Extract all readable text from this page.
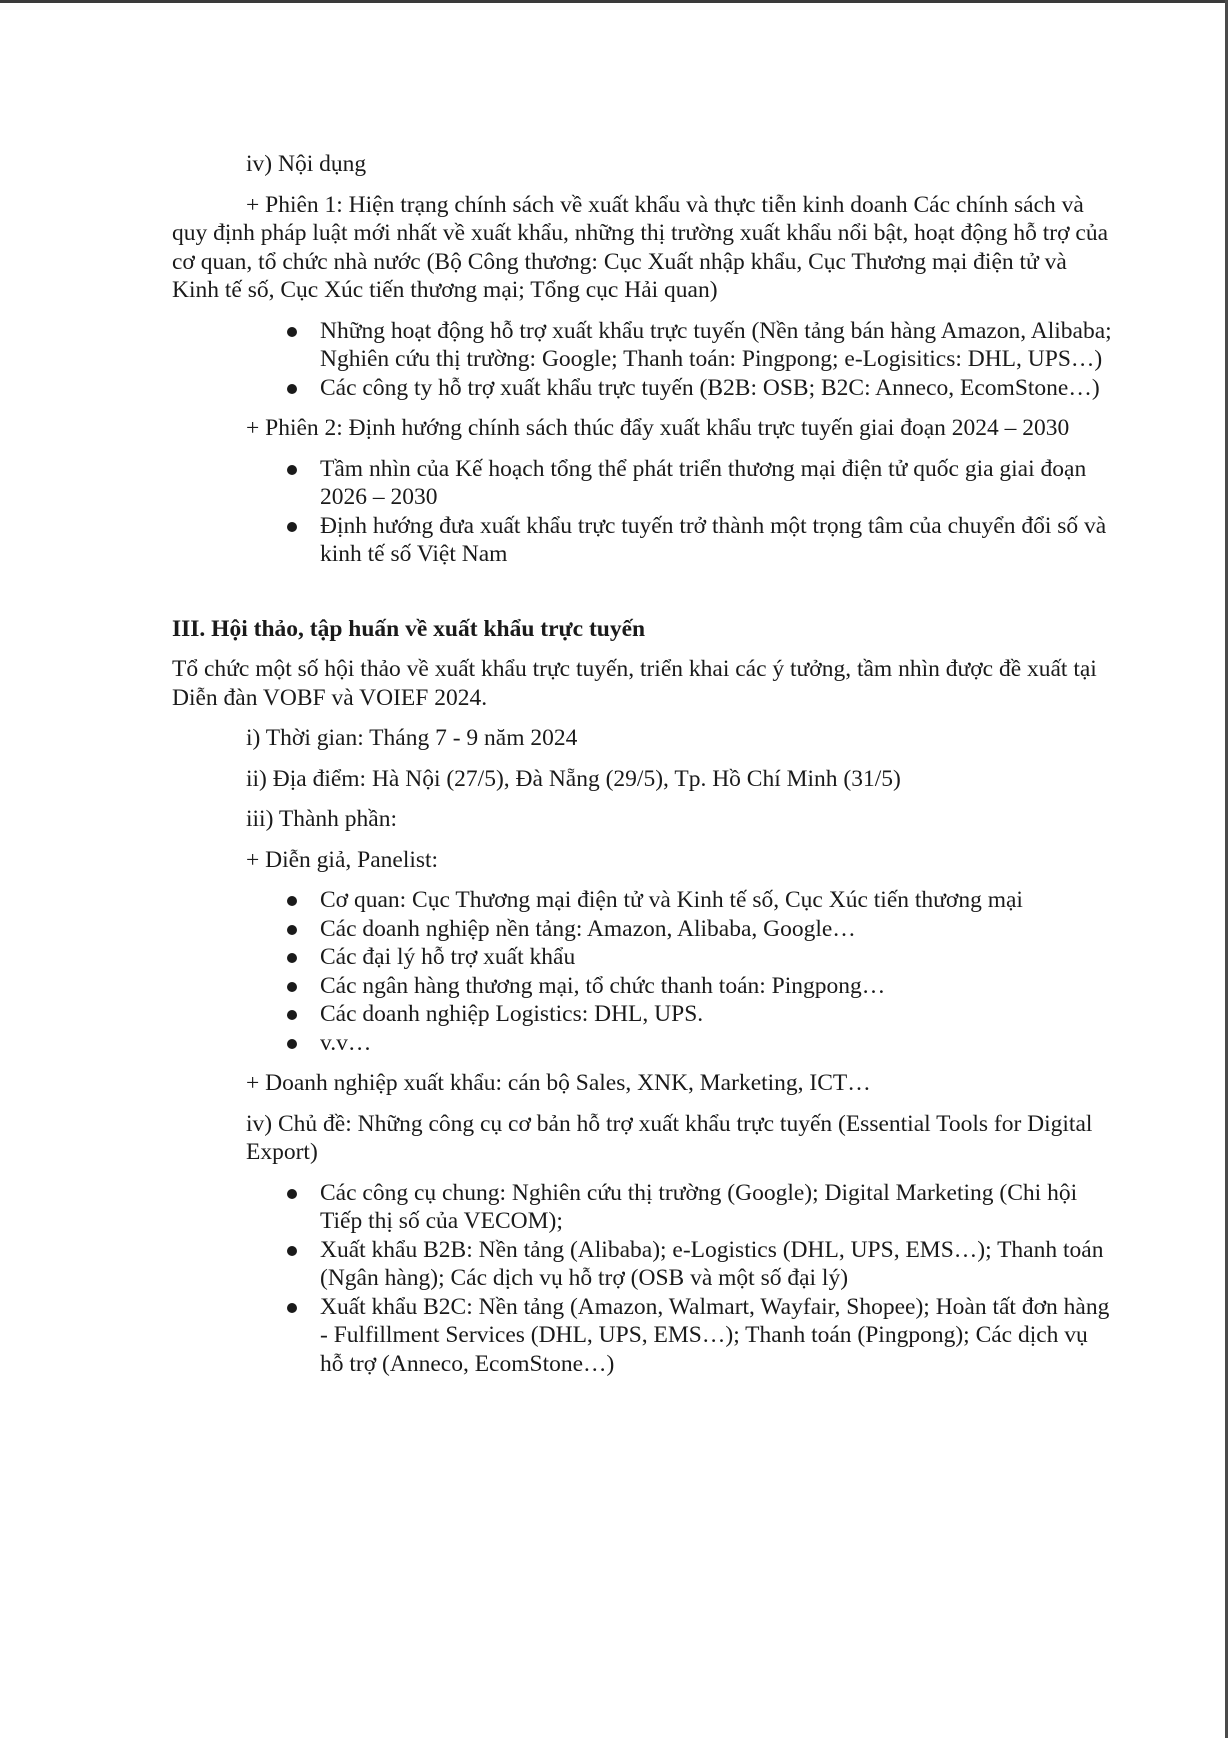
iv) Nội dụng

+ Phiên 1: Hiện trạng chính sách về xuất khẩu và thực tiễn kinh doanh Các chính sách và quy định pháp luật mới nhất về xuất khẩu, những thị trường xuất khẩu nổi bật, hoạt động hỗ trợ của cơ quan, tổ chức nhà nước (Bộ Công thương: Cục Xuất nhập khẩu, Cục Thương mại điện tử và Kinh tế số, Cục Xúc tiến thương mại; Tổng cục Hải quan)

Những hoạt động hỗ trợ xuất khẩu trực tuyến (Nền tảng bán hàng Amazon, Alibaba; Nghiên cứu thị trường: Google; Thanh toán: Pingpong; e-Logisitics: DHL, UPS…)
Các công ty hỗ trợ xuất khẩu trực tuyến (B2B: OSB; B2C: Anneco, EcomStone…)

+ Phiên 2: Định hướng chính sách thúc đẩy xuất khẩu trực tuyến giai đoạn 2024 – 2030

Tầm nhìn của Kế hoạch tổng thể phát triển thương mại điện tử quốc gia giai đoạn 2026 – 2030
Định hướng đưa xuất khẩu trực tuyến trở thành một trọng tâm của chuyển đổi số và kinh tế số Việt Nam

III. Hội thảo, tập huấn về xuất khẩu trực tuyến

Tổ chức một số hội thảo về xuất khẩu trực tuyến, triển khai các ý tưởng, tầm nhìn được đề xuất tại Diễn đàn VOBF và VOIEF 2024.

i) Thời gian: Tháng 7 - 9 năm 2024

ii) Địa điểm: Hà Nội (27/5), Đà Nẵng (29/5), Tp. Hồ Chí Minh (31/5)

iii) Thành phần:

+ Diễn giả, Panelist:

Cơ quan: Cục Thương mại điện tử và Kinh tế số, Cục Xúc tiến thương mại
Các doanh nghiệp nền tảng: Amazon, Alibaba, Google…
Các đại lý hỗ trợ xuất khẩu
Các ngân hàng thương mại, tổ chức thanh toán: Pingpong…
Các doanh nghiệp Logistics: DHL, UPS.
v.v…

+ Doanh nghiệp xuất khẩu: cán bộ Sales, XNK, Marketing, ICT…

iv) Chủ đề: Những công cụ cơ bản hỗ trợ xuất khẩu trực tuyến (Essential Tools for Digital Export)

Các công cụ chung: Nghiên cứu thị trường (Google); Digital Marketing (Chi hội Tiếp thị số của VECOM);
Xuất khẩu B2B: Nền tảng (Alibaba); e-Logistics (DHL, UPS, EMS…); Thanh toán (Ngân hàng); Các dịch vụ hỗ trợ (OSB và một số đại lý)
Xuất khẩu B2C: Nền tảng (Amazon, Walmart, Wayfair, Shopee); Hoàn tất đơn hàng - Fulfillment Services (DHL, UPS, EMS…); Thanh toán (Pingpong); Các dịch vụ hỗ trợ (Anneco, EcomStone…)
